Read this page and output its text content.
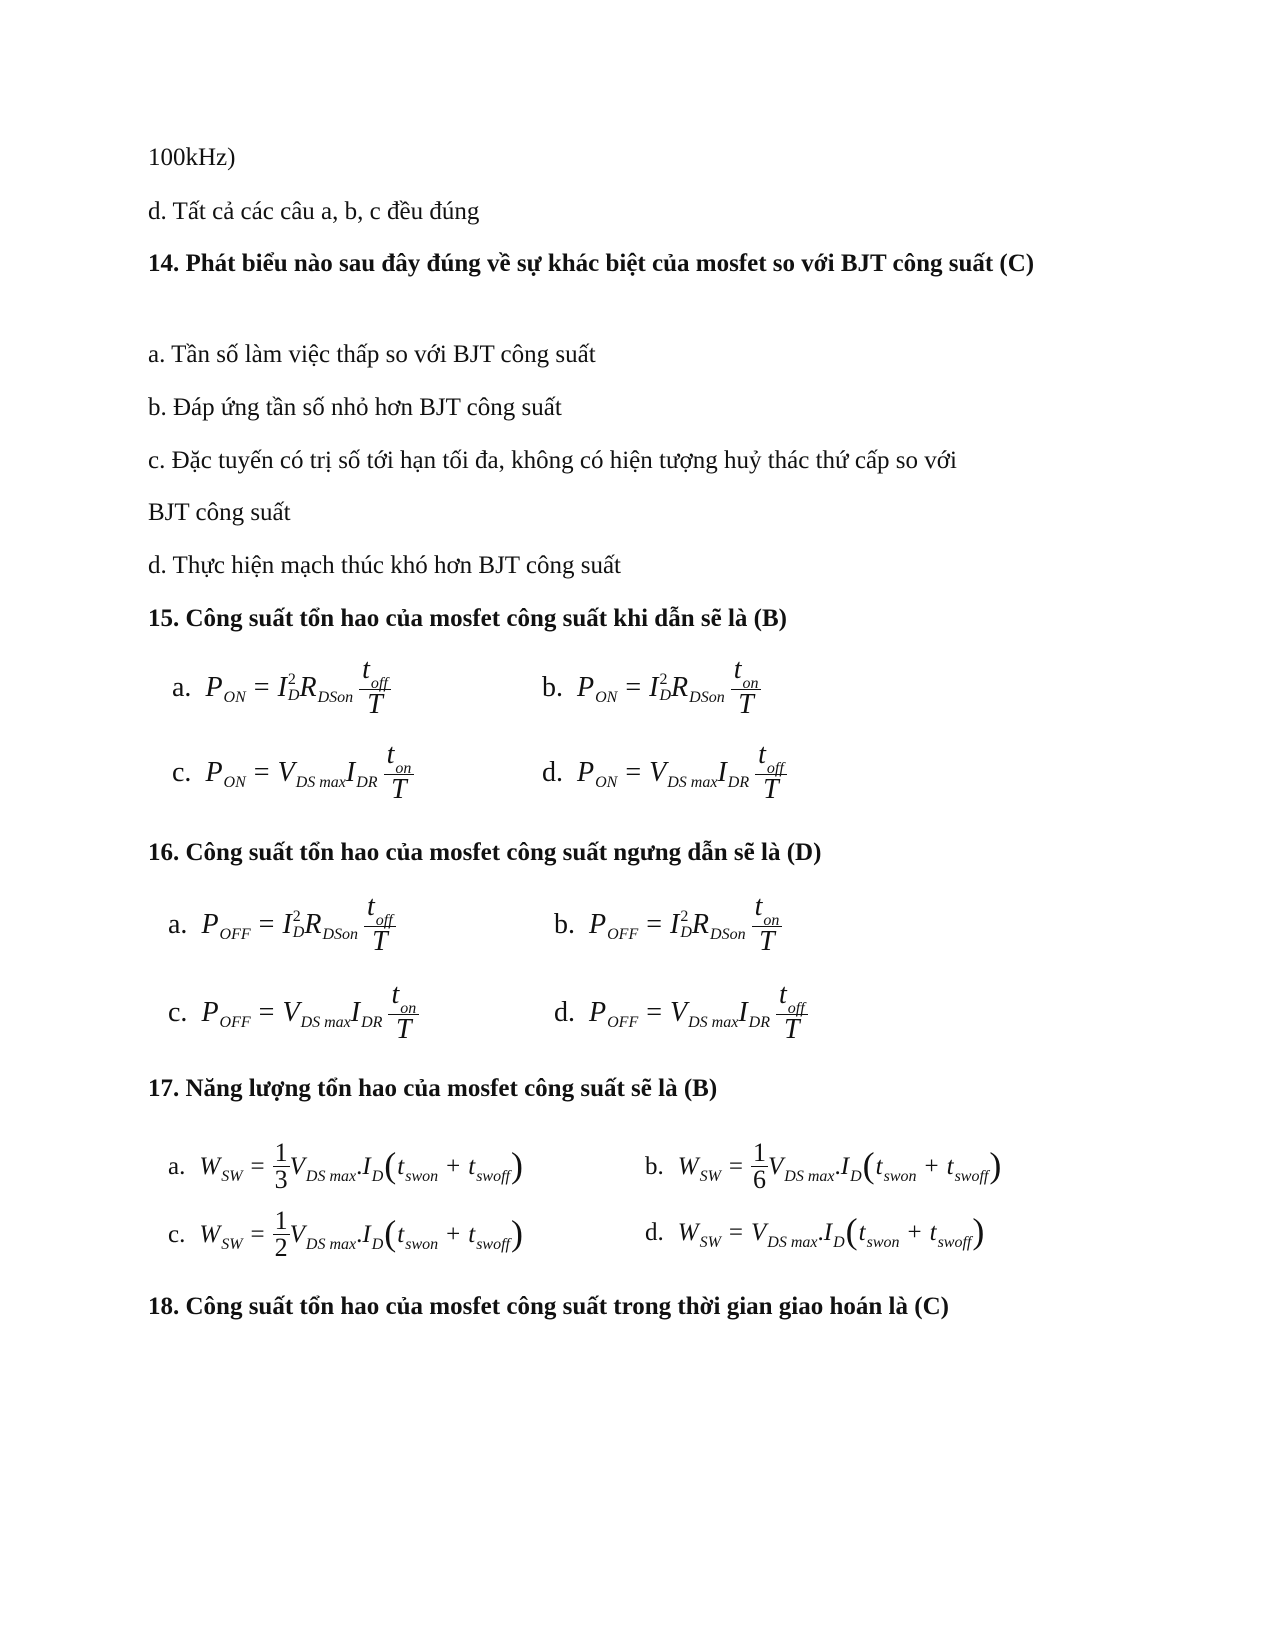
100kHz)
d. Tất cả các câu a, b, c đều đúng
14. Phát biểu nào sau đây đúng về sự khác biệt của mosfet so với BJT công suất (C)
a. Tần số làm việc thấp so với BJT công suất
b. Đáp ứng tần số nhỏ hơn BJT công suất
c. Đặc tuyến có trị số tới hạn tối đa, không có hiện tượng huỷ thác thứ cấp so với
BJT công suất
d. Thực hiện mạch thúc khó hơn BJT công suất
15. Công suất tổn hao của mosfet công suất khi dẫn sẽ là (B)
a. P ON = I 2
D R DSon $\frac{t_{off}}{T}$	b. P ON = I 2
D R DSon $\frac{t_{on}}{T}$
c. P ON = V DS max I DR $\frac{t_{on}}{T}$	d. P ON = V DS max I DR $\frac{t_{off}}{T}$
16. Công suất tổn hao của mosfet công suất ngưng dẫn sẽ là (D)
a. P OFF = I 2
D R DSon $\frac{t_{off}}{T}$	b. P OFF = I 2
D R DSon $\frac{t_{on}}{T}$
c. P OFF = V DS max I DR $\frac{t_{on}}{T}$	d. P OFF = V DS max I DR $\frac{t_{off}}{T}$
17. Năng lượng tổn hao của mosfet công suất sẽ là (B)
a. W SW = $\frac{1}{3}$ V DS max . I D ( t swon + t swoff )	b. W SW = $\frac{1}{6}$ V DS max . I D ( t swon + t swoff )
c. W SW = $\frac{1}{2}$ V DS max . I D ( t swon + t swoff )	d. W SW = V DS max . I D ( t swon + t swoff )
18. Công suất tổn hao của mosfet công suất trong thời gian giao hoán là (C)
